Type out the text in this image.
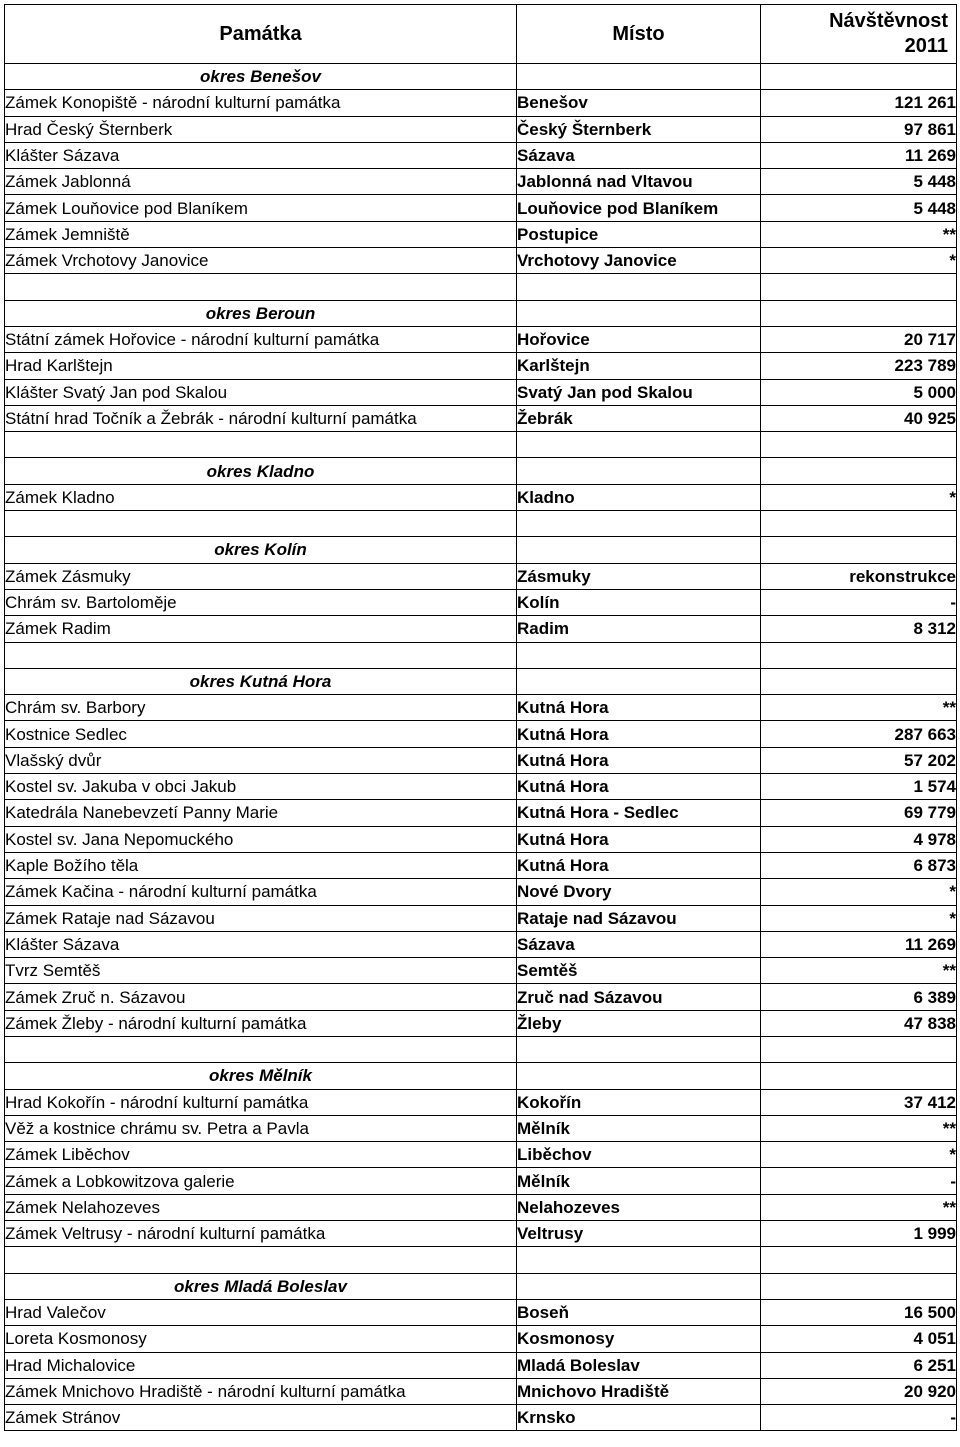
Památka	Místo	Návštěvnost
2011
okres Benešov		
Zámek Konopiště - národní kulturní památka	Benešov	121 261
Hrad Český Šternberk	Český Šternberk	97 861
Klášter Sázava	Sázava	11 269
Zámek Jablonná	Jablonná nad Vltavou	5 448
Zámek Louňovice pod Blaníkem	Louňovice pod Blaníkem	5 448
Zámek Jemniště	Postupice	**
Zámek Vrchotovy Janovice	Vrchotovy Janovice	*

okres Beroun		
Státní zámek Hořovice - národní kulturní památka	Hořovice	20 717
Hrad Karlštejn	Karlštejn	223 789
Klášter Svatý Jan pod Skalou	Svatý Jan pod Skalou	5 000
Státní hrad Točník a Žebrák - národní kulturní památka	Žebrák	40 925

okres Kladno		
Zámek Kladno	Kladno	*

okres Kolín		
Zámek Zásmuky	Zásmuky	rekonstrukce
Chrám sv. Bartoloměje	Kolín	-
Zámek Radim	Radim	8 312

okres Kutná Hora		
Chrám sv. Barbory	Kutná Hora	**
Kostnice Sedlec	Kutná Hora	287 663
Vlašský dvůr	Kutná Hora	57 202
Kostel sv. Jakuba v obci Jakub	Kutná Hora	1 574
Katedrála Nanebevzetí Panny Marie	Kutná Hora - Sedlec	69 779
Kostel sv. Jana Nepomuckého	Kutná Hora	4 978
Kaple Božího těla	Kutná Hora	6 873
Zámek Kačina - národní kulturní památka	Nové Dvory	*
Zámek Rataje nad Sázavou	Rataje nad Sázavou	*
Klášter Sázava	Sázava	11 269
Tvrz Semtěš	Semtěš	**
Zámek Zruč n. Sázavou	Zruč nad Sázavou	6 389
Zámek Žleby - národní kulturní památka	Žleby	47 838

okres Mělník		
Hrad Kokořín - národní kulturní památka	Kokořín	37 412
Věž a kostnice chrámu sv. Petra a Pavla	Mělník	**
Zámek Liběchov	Liběchov	*
Zámek a Lobkowitzova galerie	Mělník	-
Zámek Nelahozeves	Nelahozeves	**
Zámek Veltrusy - národní kulturní památka	Veltrusy	1 999

okres Mladá Boleslav		
Hrad Valečov	Boseň	16 500
Loreta Kosmonosy	Kosmonosy	4 051
Hrad Michalovice	Mladá Boleslav	6 251
Zámek Mnichovo Hradiště - národní kulturní památka	Mnichovo Hradiště	20 920
Zámek Stránov	Krnsko	-
